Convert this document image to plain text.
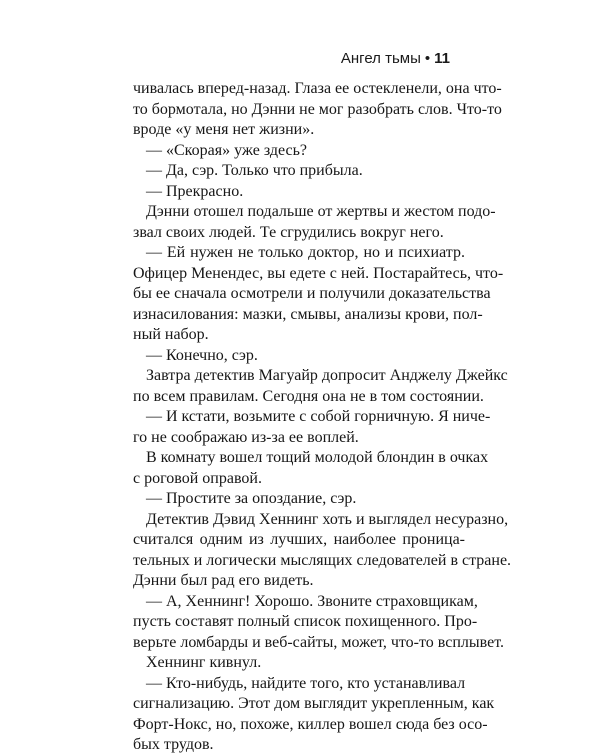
Ангел тьмы • 11
чивалась вперед-назад. Глаза ее остекленели, она что-
то бормотала, но Дэнни не мог разобрать слов. Что-то
вроде «у меня нет жизни».
— «Скорая» уже здесь?
— Да, сэр. Только что прибыла.
— Прекрасно.
Дэнни отошел подальше от жертвы и жестом подо-
звал своих людей. Те сгрудились вокруг него.
— Ей нужен не только доктор, но и психиатр.
Офицер Менендес, вы едете с ней. Постарайтесь, что-
бы ее сначала осмотрели и получили доказательства
изнасилования: мазки, смывы, анализы крови, пол-
ный набор.
— Конечно, сэр.
Завтра детектив Магуайр допросит Анджелу Джейкс
по всем правилам. Сегодня она не в том состоянии.
— И кстати, возьмите с собой горничную. Я ниче-
го не соображаю из-за ее воплей.
В комнату вошел тощий молодой блондин в очках
с роговой оправой.
— Простите за опоздание, сэр.
Детектив Дэвид Хеннинг хоть и выглядел несуразно,
считался одним из лучших, наиболее проница-
тельных и логически мыслящих следователей в стране.
Дэнни был рад его видеть.
— А, Хеннинг! Хорошо. Звоните страховщикам,
пусть составят полный список похищенного. Про-
верьте ломбарды и веб-сайты, может, что-то всплывет.
Хеннинг кивнул.
— Кто-нибудь, найдите того, кто устанавливал
сигнализацию. Этот дом выглядит укрепленным, как
Форт-Нокс, но, похоже, киллер вошел сюда без осо-
бых трудов.
